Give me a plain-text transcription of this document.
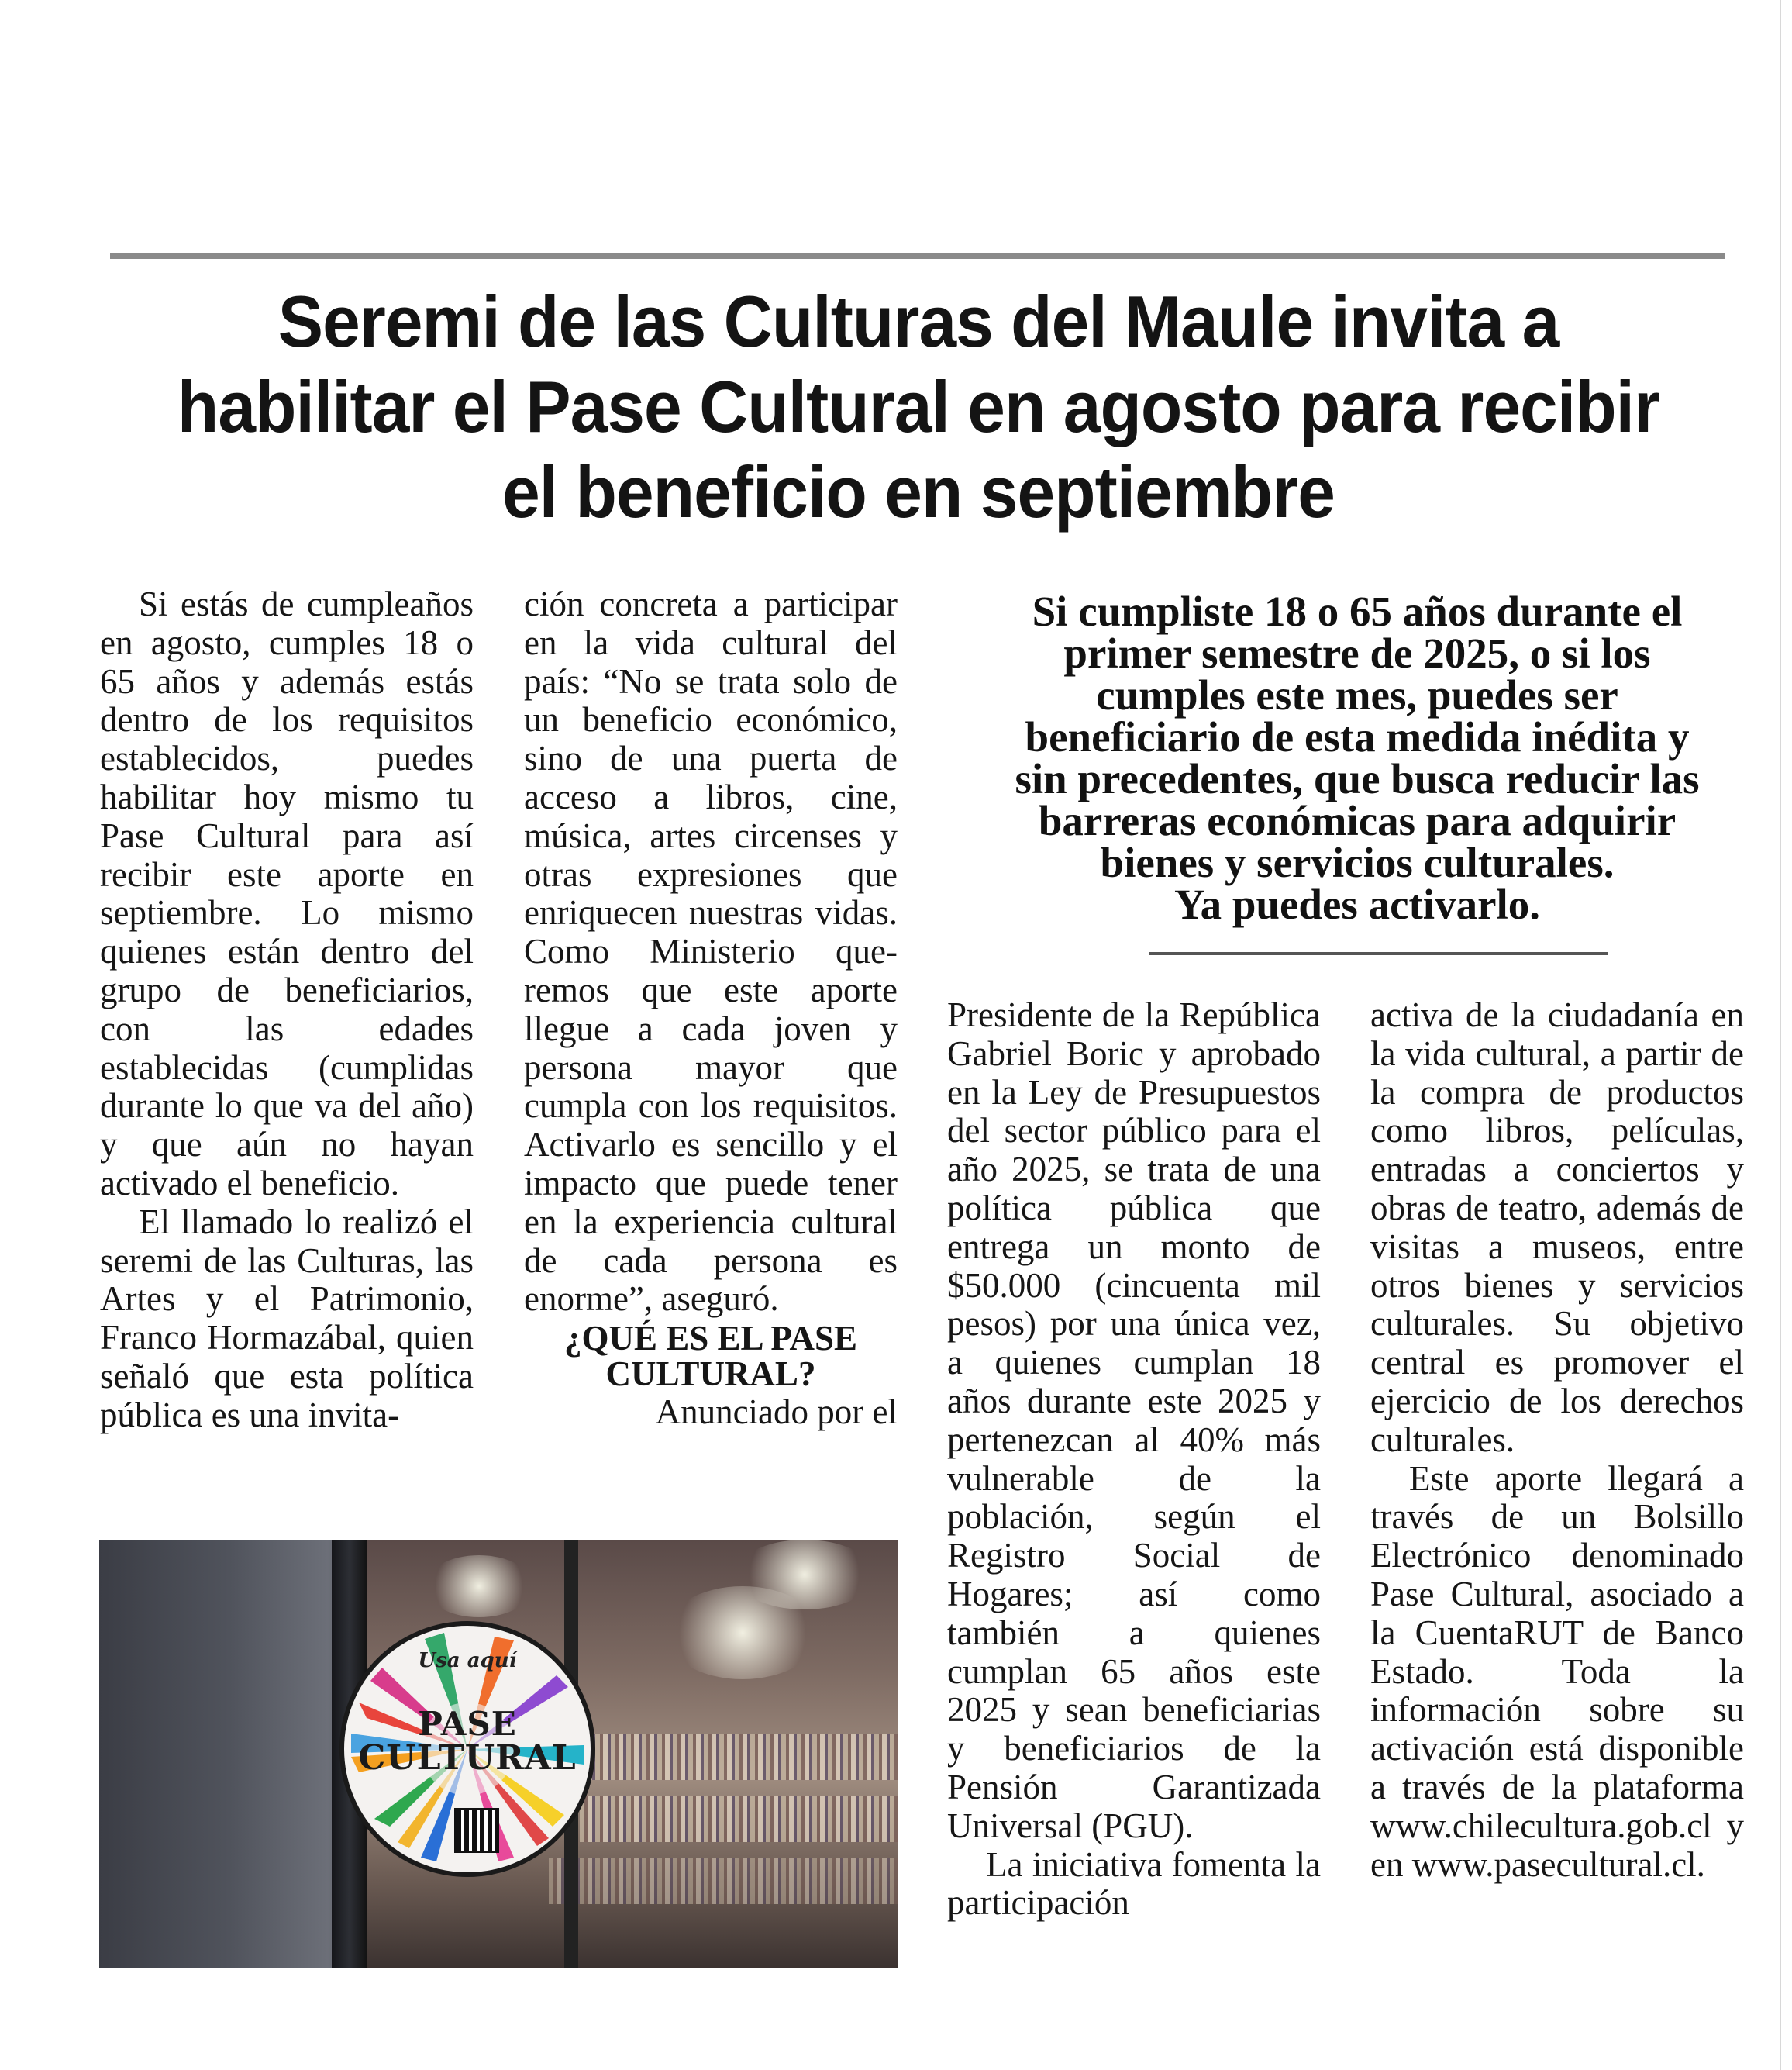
Seremi de las Culturas del Maule invita a habilitar el Pase Cultural en agosto para recibir el beneficio en septiembre

Si estás de cumpleaños en agosto, cumples 18 o 65 años y además estás dentro de los requisitos establecidos, puedes habilitar hoy mismo tu Pase Cultural para así recibir este aporte en septiembre. Lo mismo quienes están dentro del grupo de beneficiarios, con las edades establecidas (cumplidas durante lo que va del año) y que aún no hayan activado el beneficio.

El llamado lo realizó el seremi de las Culturas, las Artes y el Patrimonio, Franco Hormazábal, quien señaló que esta política pública es una invita-

ción concreta a participar en la vida cultural del país: “No se trata solo de un beneficio económico, sino de una puerta de acceso a libros, cine, música, artes circenses y otras expresiones que enriquecen nuestras vidas. Como Ministerio queremos que este aporte llegue a cada joven y persona mayor que cumpla con los requisitos. Activarlo es sencillo y el impacto que puede tener en la experiencia cultural de cada persona es enorme”, aseguró.

¿QUÉ ES EL PASE CULTURAL?

Anunciado por el

Si cumpliste 18 o 65 años durante el
primer semestre de 2025, o si los
cumples este mes, puedes ser
beneficiario de esta medida inédita y
sin precedentes, que busca reducir las
barreras económicas para adquirir
bienes y servicios culturales.
Ya puedes activarlo.

Presidente de la República Gabriel Boric y aprobado en la Ley de Presupuestos del sector público para el año 2025, se trata de una política pública que entrega un monto de $50.000 (cincuenta mil pesos) por una única vez, a quienes cumplan 18 años durante este 2025 y pertenezcan al 40% más vulnerable de la población, según el Registro Social de Hogares; así como también a quienes cumplan 65 años este 2025 y sean beneficiarias y beneficiarios de la Pensión Garantizada Universal (PGU).

La iniciativa fomenta la participación

activa de la ciudadanía en la vida cultural, a partir de la compra de productos como libros, películas, entradas a conciertos y obras de teatro, además de visitas a museos, entre otros bienes y servicios culturales. Su objetivo central es promover el ejercicio de los derechos culturales.

Este aporte llegará a través de un Bolsillo Electrónico denominado Pase Cultural, asociado a la CuentaRUT de Banco Estado. Toda la información sobre su activación está disponible a través de la plataforma www.chilecultura.gob.cl y en www.pasecultural.cl.

Usa aquí
PASE
CULTURAL
